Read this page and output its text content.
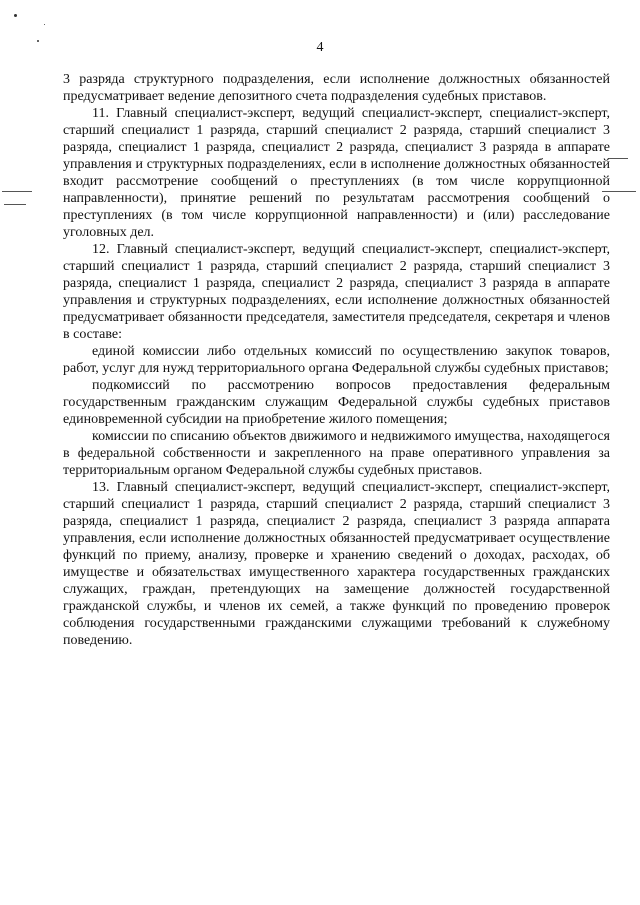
4

3 разряда структурного подразделения, если исполнение должностных обязанностей предусматривает ведение депозитного счета подразделения судебных приставов.

11. Главный специалист-эксперт, ведущий специалист-эксперт, специалист-эксперт, старший специалист 1 разряда, старший специалист 2 разряда, старший специалист 3 разряда, специалист 1 разряда, специалист 2 разряда, специалист 3 разряда в аппарате управления и структурных подразделениях, если в исполнение должностных обязанностей входит рассмотрение сообщений о преступлениях (в том числе коррупционной направленности), принятие решений по результатам рассмотрения сообщений о преступлениях (в том числе коррупционной направленности) и (или) расследование уголовных дел.

12. Главный специалист-эксперт, ведущий специалист-эксперт, специалист-эксперт, старший специалист 1 разряда, старший специалист 2 разряда, старший специалист 3 разряда, специалист 1 разряда, специалист 2 разряда, специалист 3 разряда в аппарате управления и структурных подразделениях, если исполнение должностных обязанностей предусматривает обязанности председателя, заместителя председателя, секретаря и членов в составе:

единой комиссии либо отдельных комиссий по осуществлению закупок товаров, работ, услуг для нужд территориального органа Федеральной службы судебных приставов;

подкомиссий по рассмотрению вопросов предоставления федеральным государственным гражданским служащим Федеральной службы судебных приставов единовременной субсидии на приобретение жилого помещения;

комиссии по списанию объектов движимого и недвижимого имущества, находящегося в федеральной собственности и закрепленного на праве оперативного управления за территориальным органом Федеральной службы судебных приставов.

13. Главный специалист-эксперт, ведущий специалист-эксперт, специалист-эксперт, старший специалист 1 разряда, старший специалист 2 разряда, старший специалист 3 разряда, специалист 1 разряда, специалист 2 разряда, специалист 3 разряда аппарата управления, если исполнение должностных обязанностей предусматривает осуществление функций по приему, анализу, проверке и хранению сведений о доходах, расходах, об имуществе и обязательствах имущественного характера государственных гражданских служащих, граждан, претендующих на замещение должностей государственной гражданской службы, и членов их семей, а также функций по проведению проверок соблюдения государственными гражданскими служащими требований к служебному поведению.
